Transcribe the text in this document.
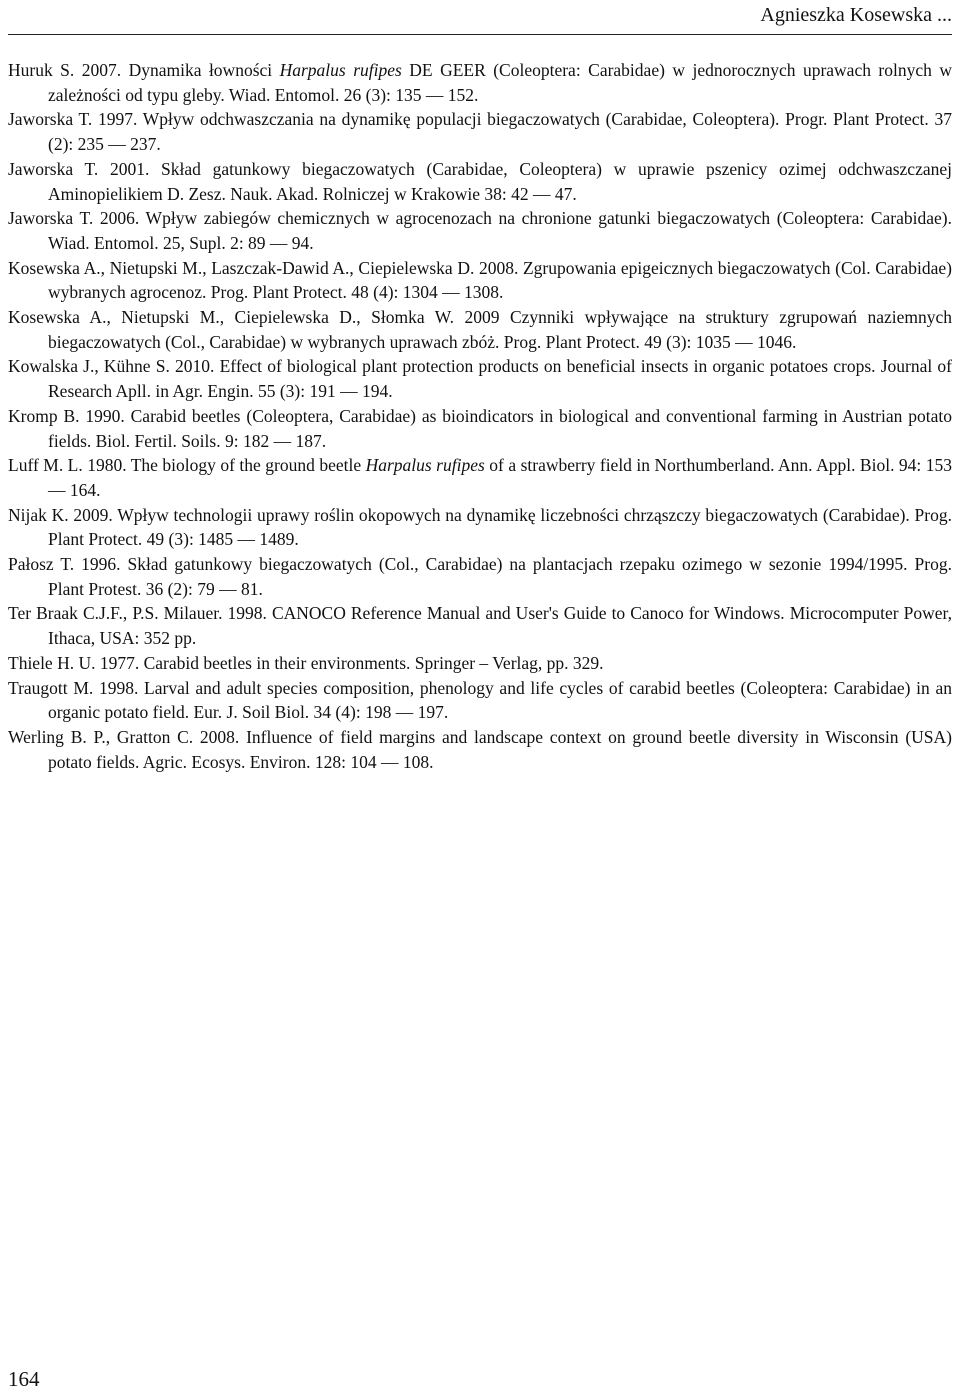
Agnieszka Kosewska ...
Huruk S. 2007. Dynamika łowności Harpalus rufipes DE GEER (Coleoptera: Carabidae) w jednorocznych uprawach rolnych w zależności od typu gleby. Wiad. Entomol. 26 (3): 135 — 152.
Jaworska T. 1997. Wpływ odchwaszczania na dynamikę populacji biegaczowatych (Carabidae, Coleoptera). Progr. Plant Protect. 37 (2): 235 — 237.
Jaworska T. 2001. Skład gatunkowy biegaczowatych (Carabidae, Coleoptera) w uprawie pszenicy ozimej odchwaszczanej Aminopielikiem D. Zesz. Nauk. Akad. Rolniczej w Krakowie 38: 42 — 47.
Jaworska T. 2006. Wpływ zabiegów chemicznych w agrocenozach na chronione gatunki biegaczowatych (Coleoptera: Carabidae). Wiad. Entomol. 25, Supl. 2: 89 — 94.
Kosewska A., Nietupski M., Laszczak-Dawid A., Ciepielewska D. 2008. Zgrupowania epigeicznych biegaczowatych (Col. Carabidae) wybranych agrocenoz. Prog. Plant Protect. 48 (4): 1304 — 1308.
Kosewska A., Nietupski M., Ciepielewska D., Słomka W. 2009 Czynniki wpływające na struktury zgrupowań naziemnych biegaczowatych (Col., Carabidae) w wybranych uprawach zbóż. Prog. Plant Protect. 49 (3): 1035 — 1046.
Kowalska J., Kühne S. 2010. Effect of biological plant protection products on beneficial insects in organic potatoes crops. Journal of Research Apll. in Agr. Engin. 55 (3): 191 — 194.
Kromp B. 1990. Carabid beetles (Coleoptera, Carabidae) as bioindicators in biological and conventional farming in Austrian potato fields. Biol. Fertil. Soils. 9: 182 — 187.
Luff M. L. 1980. The biology of the ground beetle Harpalus rufipes of a strawberry field in Northumberland. Ann. Appl. Biol. 94: 153 — 164.
Nijak K. 2009. Wpływ technologii uprawy roślin okopowych na dynamikę liczebności chrząszczy biegaczowatych (Carabidae). Prog. Plant Protect. 49 (3): 1485 — 1489.
Pałosz T. 1996. Skład gatunkowy biegaczowatych (Col., Carabidae) na plantacjach rzepaku ozimego w sezonie 1994/1995. Prog. Plant Protest. 36 (2): 79 — 81.
Ter Braak C.J.F., P.S. Milauer. 1998. CANOCO Reference Manual and User's Guide to Canoco for Windows. Microcomputer Power, Ithaca, USA: 352 pp.
Thiele H. U. 1977. Carabid beetles in their environments. Springer – Verlag, pp. 329.
Traugott M. 1998. Larval and adult species composition, phenology and life cycles of carabid beetles (Coleoptera: Carabidae) in an organic potato field. Eur. J. Soil Biol. 34 (4): 198 — 197.
Werling B. P., Gratton C. 2008. Influence of field margins and landscape context on ground beetle diversity in Wisconsin (USA) potato fields. Agric. Ecosys. Environ. 128: 104 — 108.
164
